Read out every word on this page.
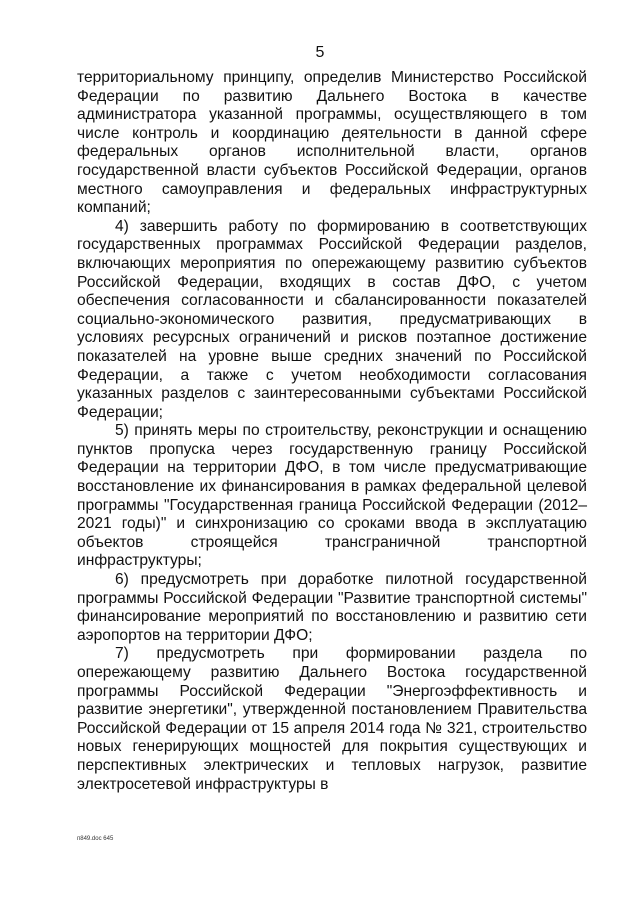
5

территориальному принципу, определив Министерство Российской Федерации по развитию Дальнего Востока в качестве администратора указанной программы, осуществляющего в том числе контроль и координацию деятельности в данной сфере федеральных органов исполнительной власти, органов государственной власти субъектов Российской Федерации, органов местного самоуправления и федеральных инфраструктурных компаний;

4) завершить работу по формированию в соответствующих государственных программах Российской Федерации разделов, включающих мероприятия по опережающему развитию субъектов Российской Федерации, входящих в состав ДФО, с учетом обеспечения согласованности и сбалансированности показателей социально-экономического развития, предусматривающих в условиях ресурсных ограничений и рисков поэтапное достижение показателей на уровне выше средних значений по Российской Федерации, а также с учетом необходимости согласования указанных разделов с заинтересованными субъектами Российской Федерации;

5) принять меры по строительству, реконструкции и оснащению пунктов пропуска через государственную границу Российской Федерации на территории ДФО, в том числе предусматривающие восстановление их финансирования в рамках федеральной целевой программы "Государственная граница Российской Федерации (2012–2021 годы)" и синхронизацию со сроками ввода в эксплуатацию объектов строящейся трансграничной транспортной инфраструктуры;

6) предусмотреть при доработке пилотной государственной программы Российской Федерации "Развитие транспортной системы" финансирование мероприятий по восстановлению и развитию сети аэропортов на территории ДФО;

7) предусмотреть при формировании раздела по опережающему развитию Дальнего Востока государственной программы Российской Федерации "Энергоэффективность и развитие энергетики", утвержденной постановлением Правительства Российской Федерации от 15 апреля 2014 года № 321, строительство новых генерирующих мощностей для покрытия существующих и перспективных электрических и тепловых нагрузок, развитие электросетевой инфраструктуры в

п849.doc 645
